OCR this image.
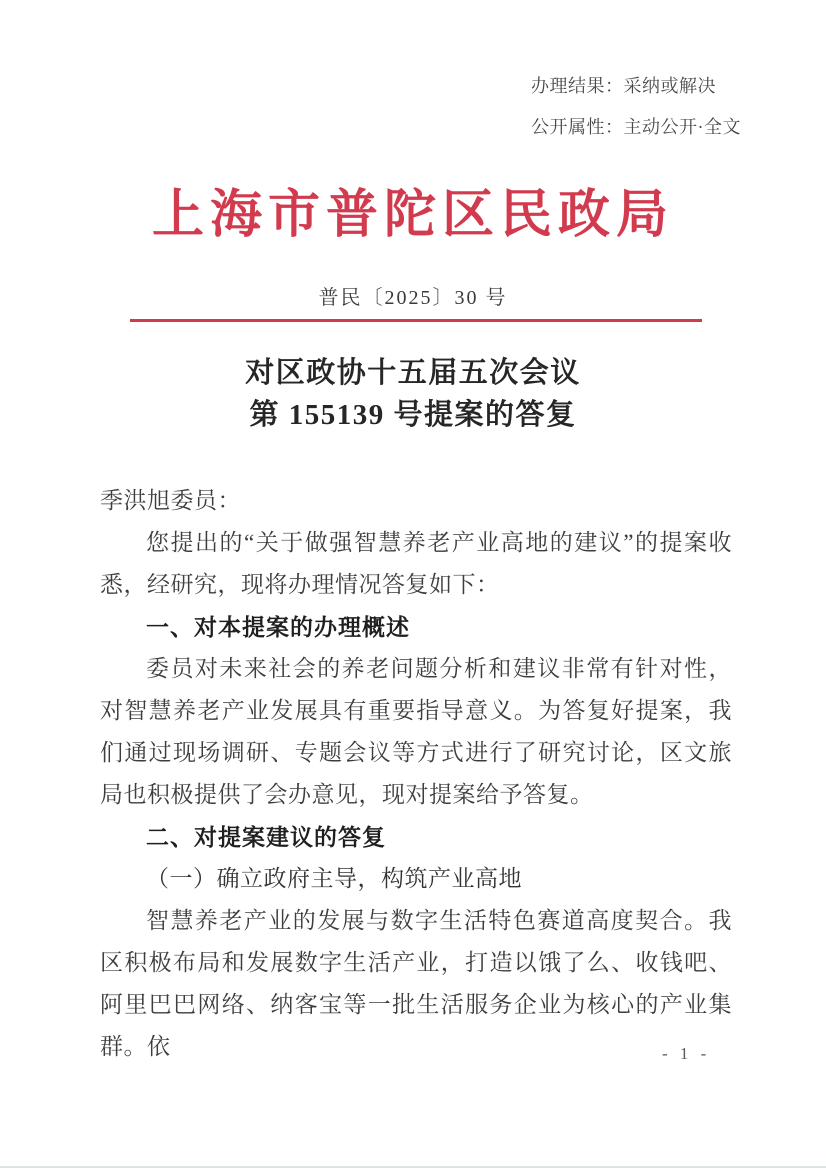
办理结果：采纳或解决
公开属性：主动公开·全文
上海市普陀区民政局
普民〔2025〕30 号
对区政协十五届五次会议
第 155139 号提案的答复

季洪旭委员：

您提出的“关于做强智慧养老产业高地的建议”的提案收悉，经研究，现将办理情况答复如下：

一、对本提案的办理概述

委员对未来社会的养老问题分析和建议非常有针对性，对智慧养老产业发展具有重要指导意义。为答复好提案，我们通过现场调研、专题会议等方式进行了研究讨论，区文旅局也积极提供了会办意见，现对提案给予答复。

二、对提案建议的答复

（一）确立政府主导，构筑产业高地

智慧养老产业的发展与数字生活特色赛道高度契合。我区积极布局和发展数字生活产业，打造以饿了么、收钱吧、阿里巴巴网络、纳客宝等一批生活服务企业为核心的产业集群。依	- 1 -
